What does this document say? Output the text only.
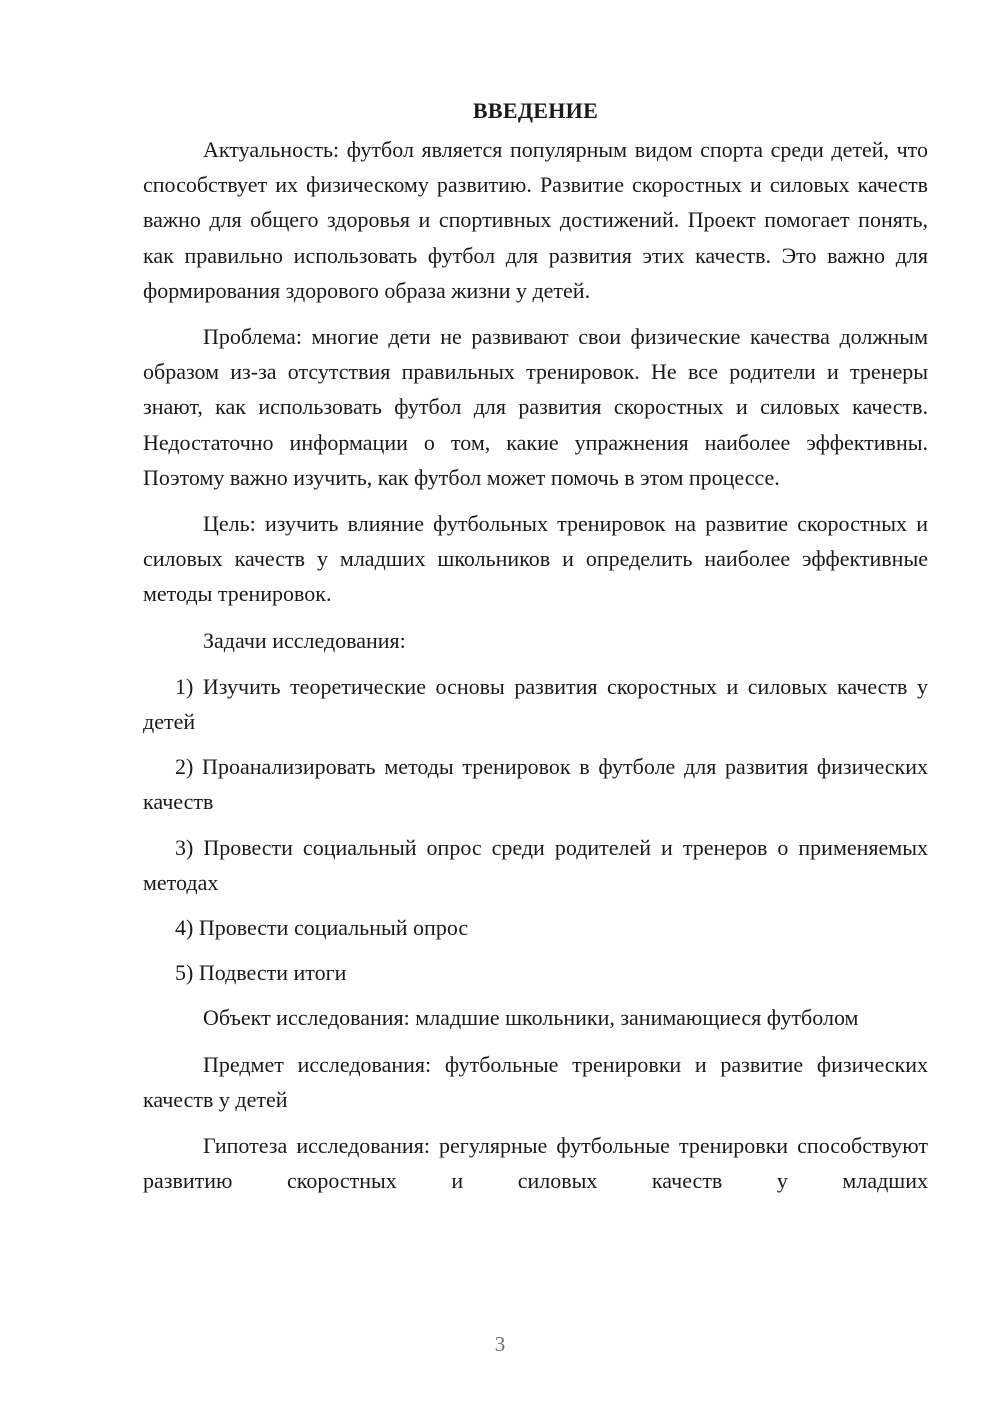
ВВЕДЕНИЕ

Актуальность: футбол является популярным видом спорта среди детей, что способствует их физическому развитию. Развитие скоростных и силовых качеств важно для общего здоровья и спортивных достижений. Проект помогает понять, как правильно использовать футбол для развития этих качеств. Это важно для формирования здорового образа жизни у детей.

Проблема: многие дети не развивают свои физические качества должным образом из-за отсутствия правильных тренировок. Не все родители и тренеры знают, как использовать футбол для развития скоростных и силовых качеств. Недостаточно информации о том, какие упражнения наиболее эффективны. Поэтому важно изучить, как футбол может помочь в этом процессе.

Цель: изучить влияние футбольных тренировок на развитие скоростных и силовых качеств у младших школьников и определить наиболее эффективные методы тренировок.

Задачи исследования:

1) Изучить теоретические основы развития скоростных и силовых качеств у детей

2) Проанализировать методы тренировок в футболе для развития физических качеств

3) Провести социальный опрос среди родителей и тренеров о применяемых методах

4) Провести социальный опрос

5) Подвести итоги

Объект исследования: младшие школьники, занимающиеся футболом

Предмет исследования: футбольные тренировки и развитие физических качеств у детей

Гипотеза исследования: регулярные футбольные тренировки способствуют развитию скоростных и силовых качеств у младших

3
